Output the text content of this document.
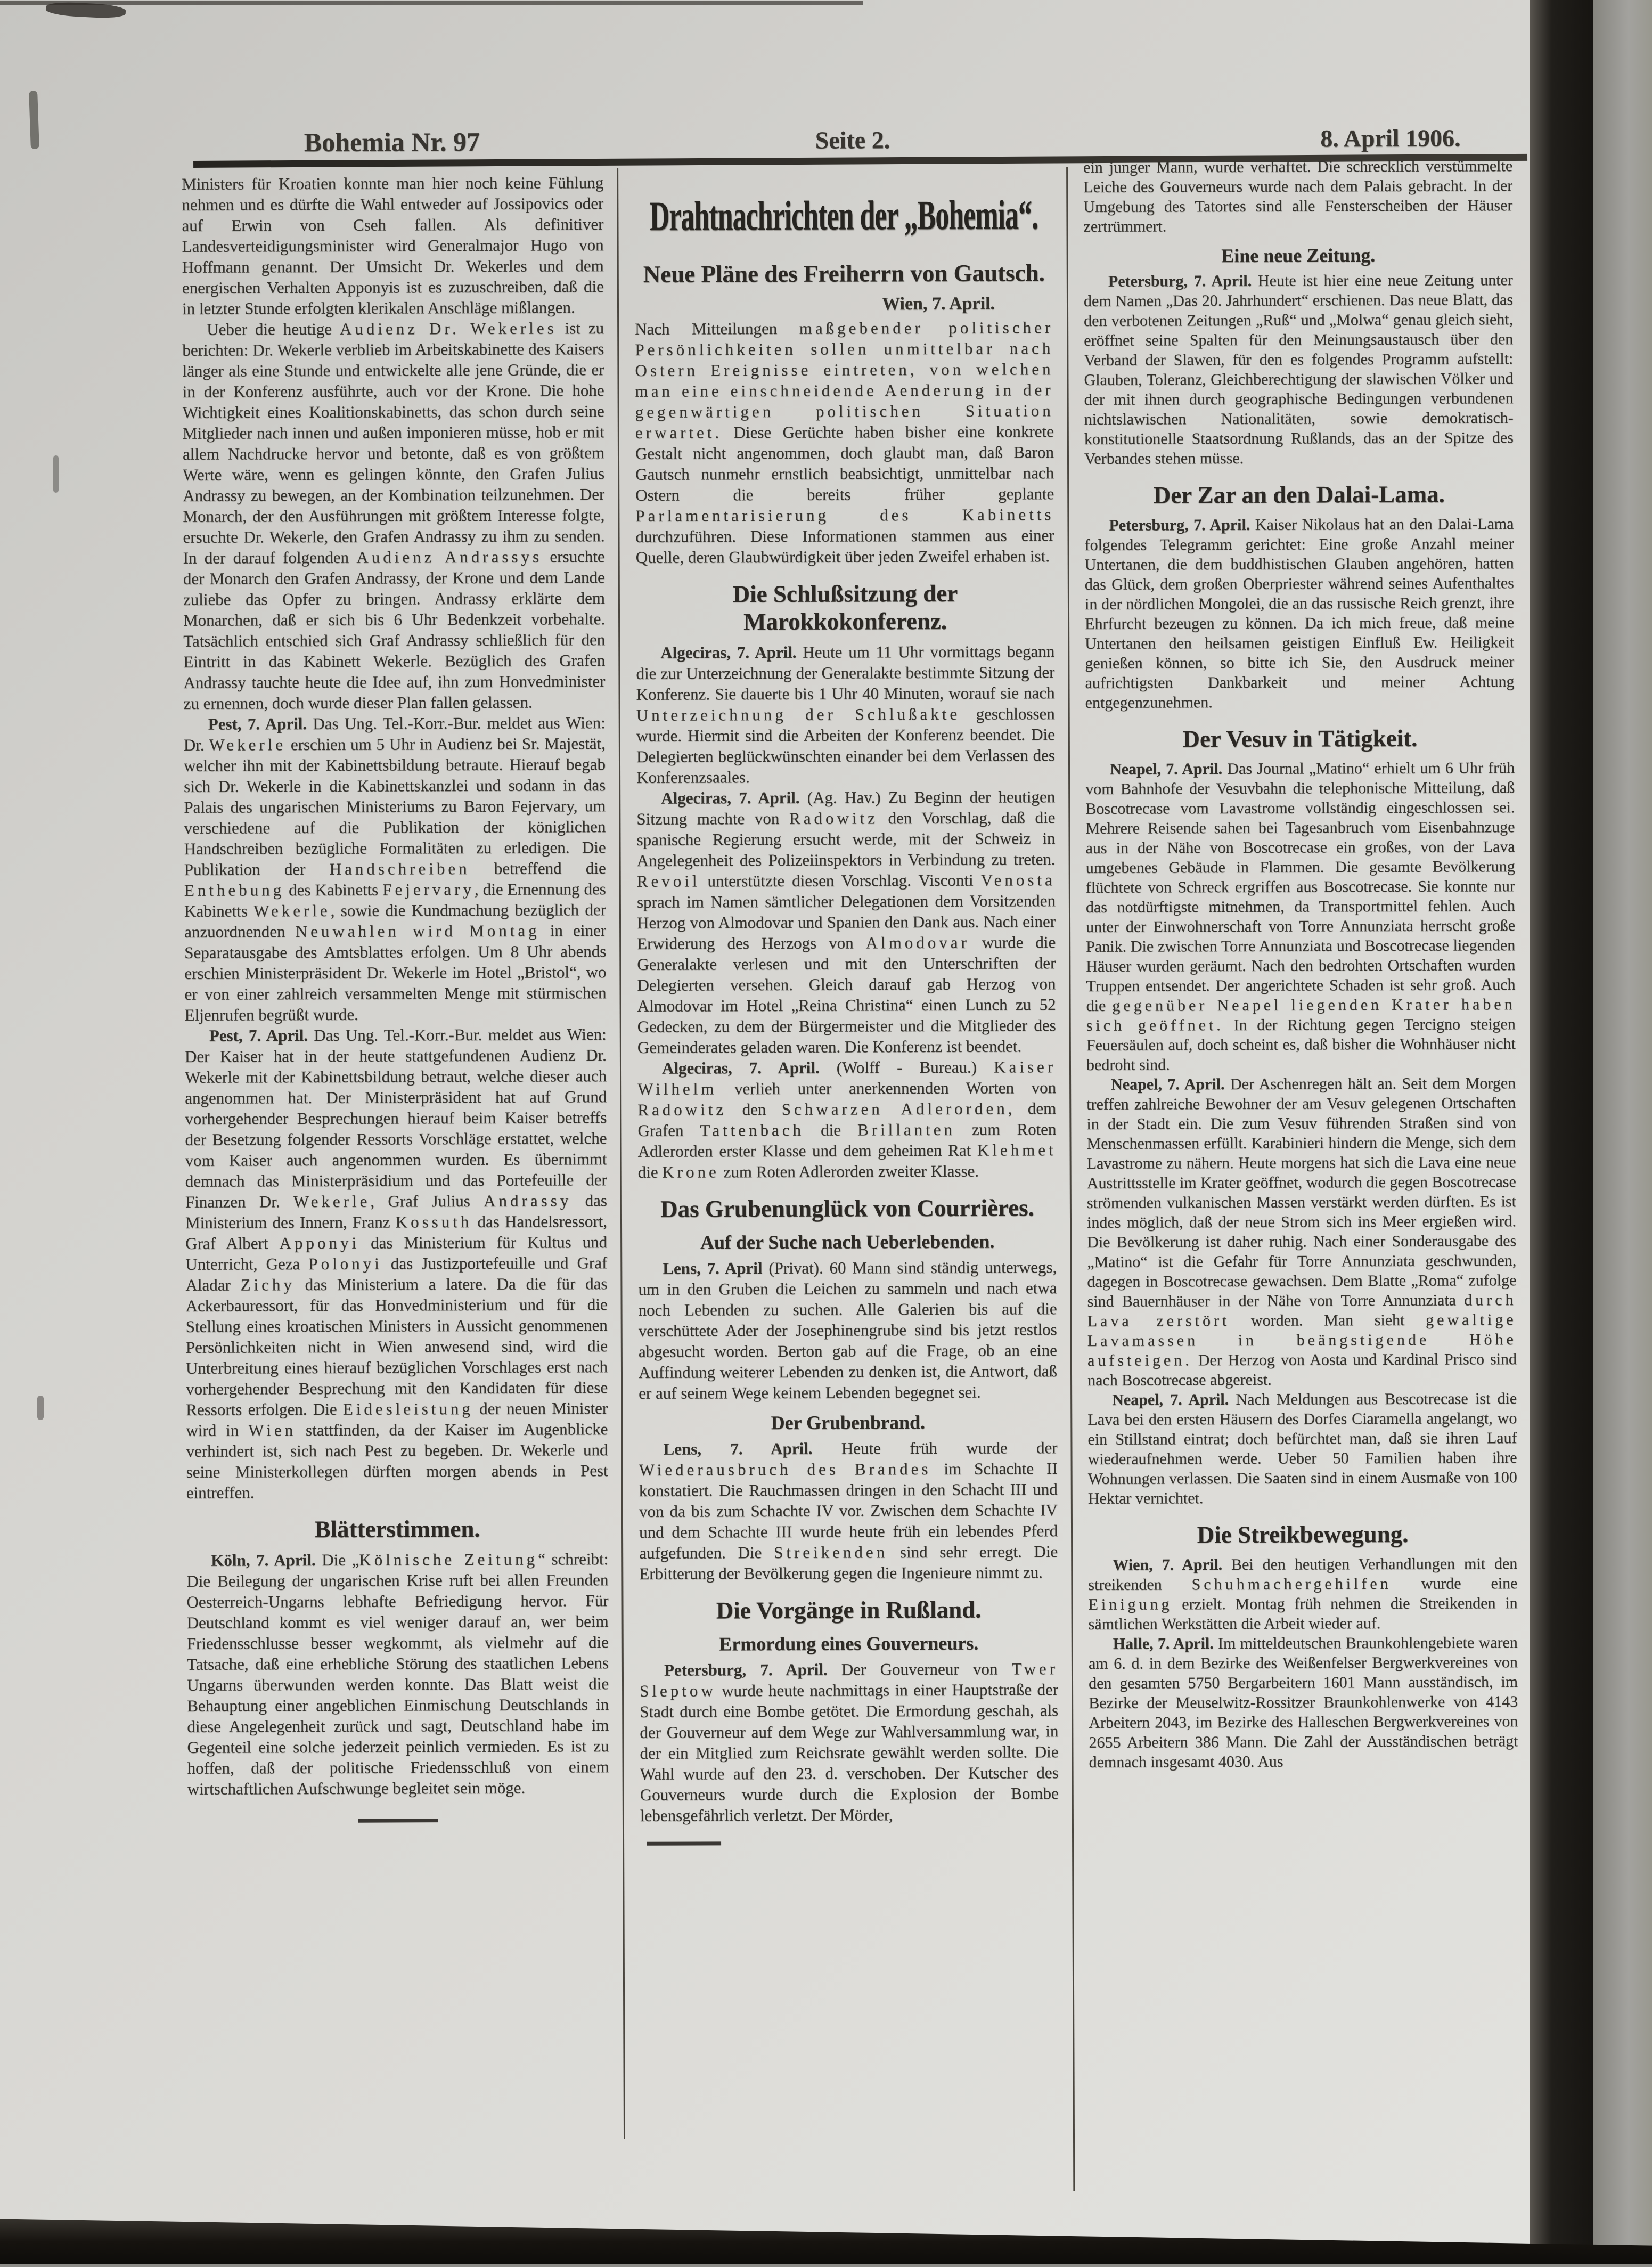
Bohemia Nr. 97	Seite 2.	8. April 1906.
Ministers für Kroatien konnte man hier noch keine Fühlung nehmen und es dürfte die Wahl entweder auf Jossipovics oder auf Erwin von Cseh fallen. Als definitiver Landesverteidigungsminister wird Generalmajor Hugo von Hoffmann genannt. Der Umsicht Dr. Wekerles und dem energischen Verhalten Apponyis ist es zuzuschreiben, daß die in letzter Stunde erfolgten klerikalen Anschläge mißlangen.
Ueber die heutige Audienz Dr. Wekerles ist zu berichten: Dr. Wekerle verblieb im Arbeitskabinette des Kaisers länger als eine Stunde und entwickelte alle jene Gründe, die er in der Konferenz ausführte, auch vor der Krone. Die hohe Wichtigkeit eines Koalitionskabinetts, das schon durch seine Mitglieder nach innen und außen imponieren müsse, hob er mit allem Nachdrucke hervor und betonte, daß es von größtem Werte wäre, wenn es gelingen könnte, den Grafen Julius Andrassy zu bewegen, an der Kombination teilzunehmen. Der Monarch, der den Ausführungen mit größtem Interesse folgte, ersuchte Dr. Wekerle, den Grafen Andrassy zu ihm zu senden. In der darauf folgenden Audienz Andrassys ersuchte der Monarch den Grafen Andrassy, der Krone und dem Lande zuliebe das Opfer zu bringen. Andrassy erklärte dem Monarchen, daß er sich bis 6 Uhr Bedenkzeit vorbehalte. Tatsächlich entschied sich Graf Andrassy schließlich für den Eintritt in das Kabinett Wekerle. Bezüglich des Grafen Andrassy tauchte heute die Idee auf, ihn zum Honvedminister zu ernennen, doch wurde dieser Plan fallen gelassen.
Pest, 7. April. Das Ung. Tel.-Korr.-Bur. meldet aus Wien: Dr. Wekerle erschien um 5 Uhr in Audienz bei Sr. Majestät, welcher ihn mit der Kabinettsbildung betraute. Hierauf begab sich Dr. Wekerle in die Kabinettskanzlei und sodann in das Palais des ungarischen Ministeriums zu Baron Fejervary, um verschiedene auf die Publikation der königlichen Handschreiben bezügliche Formalitäten zu erledigen. Die Publikation der Handschreiben betreffend die Enthebung des Kabinetts Fejervary, die Ernennung des Kabinetts Wekerle, sowie die Kundmachung bezüglich der anzuordnenden Neuwahlen wird Montag in einer Separatausgabe des Amtsblattes erfolgen. Um 8 Uhr abends erschien Ministerpräsident Dr. Wekerle im Hotel „Bristol“, wo er von einer zahlreich versammelten Menge mit stürmischen Eljenrufen begrüßt wurde.
Pest, 7. April. Das Ung. Tel.-Korr.-Bur. meldet aus Wien: Der Kaiser hat in der heute stattgefundenen Audienz Dr. Wekerle mit der Kabinettsbildung betraut, welche dieser auch angenommen hat. Der Ministerpräsident hat auf Grund vorhergehender Besprechungen hierauf beim Kaiser betreffs der Besetzung folgender Ressorts Vorschläge erstattet, welche vom Kaiser auch angenommen wurden. Es übernimmt demnach das Ministerpräsidium und das Portefeuille der Finanzen Dr. Wekerle, Graf Julius Andrassy das Ministerium des Innern, Franz Kossuth das Handelsressort, Graf Albert Apponyi das Ministerium für Kultus und Unterricht, Geza Polonyi das Justizportefeuille und Graf Aladar Zichy das Ministerium a latere. Da die für das Ackerbauressort, für das Honvedministerium und für die Stellung eines kroatischen Ministers in Aussicht genommenen Persönlichkeiten nicht in Wien anwesend sind, wird die Unterbreitung eines hierauf bezüglichen Vorschlages erst nach vorhergehender Besprechung mit den Kandidaten für diese Ressorts erfolgen. Die Eidesleistung der neuen Minister wird in Wien stattfinden, da der Kaiser im Augenblicke verhindert ist, sich nach Pest zu begeben. Dr. Wekerle und seine Ministerkollegen dürften morgen abends in Pest eintreffen.
Blätterstimmen.
Köln, 7. April. Die „Kölnische Zeitung“ schreibt: Die Beilegung der ungarischen Krise ruft bei allen Freunden Oesterreich-Ungarns lebhafte Befriedigung hervor. Für Deutschland kommt es viel weniger darauf an, wer beim Friedensschlusse besser wegkommt, als vielmehr auf die Tatsache, daß eine erhebliche Störung des staatlichen Lebens Ungarns überwunden werden konnte. Das Blatt weist die Behauptung einer angeblichen Einmischung Deutschlands in diese Angelegenheit zurück und sagt, Deutschland habe im Gegenteil eine solche jederzeit peinlich vermieden. Es ist zu hoffen, daß der politische Friedensschluß von einem wirtschaftlichen Aufschwunge begleitet sein möge.
Drahtnachrichten der „Bohemia“.
Neue Pläne des Freiherrn von Gautsch.
Wien, 7. April.
Nach Mitteilungen maßgebender politischer Persönlichkeiten sollen unmittelbar nach Ostern Ereignisse eintreten, von welchen man eine einschneidende Aenderung in der gegenwärtigen politischen Situation erwartet. Diese Gerüchte haben bisher eine konkrete Gestalt nicht angenommen, doch glaubt man, daß Baron Gautsch nunmehr ernstlich beabsichtigt, unmittelbar nach Ostern die bereits früher geplante Parlamentarisierung des Kabinetts durchzuführen. Diese Informationen stammen aus einer Quelle, deren Glaubwürdigkeit über jeden Zweifel erhaben ist.
Die Schlußsitzung der Marokkokonferenz.
Algeciras, 7. April. Heute um 11 Uhr vormittags begann die zur Unterzeichnung der Generalakte bestimmte Sitzung der Konferenz. Sie dauerte bis 1 Uhr 40 Minuten, worauf sie nach Unterzeichnung der Schlußakte geschlossen wurde. Hiermit sind die Arbeiten der Konferenz beendet. Die Delegierten beglückwünschten einander bei dem Verlassen des Konferenzsaales.
Algeciras, 7. April. (Ag. Hav.) Zu Beginn der heutigen Sitzung machte von Radowitz den Vorschlag, daß die spanische Regierung ersucht werde, mit der Schweiz in Angelegenheit des Polizeiinspektors in Verbindung zu treten. Revoil unterstützte diesen Vorschlag. Visconti Venosta sprach im Namen sämtlicher Delegationen dem Vorsitzenden Herzog von Almodovar und Spanien den Dank aus. Nach einer Erwiderung des Herzogs von Almodovar wurde die Generalakte verlesen und mit den Unterschriften der Delegierten versehen. Gleich darauf gab Herzog von Almodovar im Hotel „Reina Christina“ einen Lunch zu 52 Gedecken, zu dem der Bürgermeister und die Mitglieder des Gemeinderates geladen waren. Die Konferenz ist beendet.
Algeciras, 7. April. (Wolff - Bureau.) Kaiser Wilhelm verlieh unter anerkennenden Worten von Radowitz den Schwarzen Adlerorden, dem Grafen Tattenbach die Brillanten zum Roten Adlerorden erster Klasse und dem geheimen Rat Klehmet die Krone zum Roten Adlerorden zweiter Klasse.
Das Grubenunglück von Courrières.
Auf der Suche nach Ueberlebenden.
Lens, 7. April (Privat). 60 Mann sind ständig unterwegs, um in den Gruben die Leichen zu sammeln und nach etwa noch Lebenden zu suchen. Alle Galerien bis auf die verschüttete Ader der Josephinengrube sind bis jetzt restlos abgesucht worden. Berton gab auf die Frage, ob an eine Auffindung weiterer Lebenden zu denken ist, die Antwort, daß er auf seinem Wege keinem Lebenden begegnet sei.
Der Grubenbrand.
Lens, 7. April. Heute früh wurde der Wiederausbruch des Brandes im Schachte II konstatiert. Die Rauchmassen dringen in den Schacht III und von da bis zum Schachte IV vor. Zwischen dem Schachte IV und dem Schachte III wurde heute früh ein lebendes Pferd aufgefunden. Die Streikenden sind sehr erregt. Die Erbitterung der Bevölkerung gegen die Ingenieure nimmt zu.
Die Vorgänge in Rußland.
Ermordung eines Gouverneurs.
Petersburg, 7. April. Der Gouverneur von Twer Sleptow wurde heute nachmittags in einer Hauptstraße der Stadt durch eine Bombe getötet. Die Ermordung geschah, als der Gouverneur auf dem Wege zur Wahlversammlung war, in der ein Mitglied zum Reichsrate gewählt werden sollte. Die Wahl wurde auf den 23. d. verschoben. Der Kutscher des Gouverneurs wurde durch die Explosion der Bombe lebensgefährlich verletzt. Der Mörder,
ein junger Mann, wurde verhaftet. Die schrecklich verstümmelte Leiche des Gouverneurs wurde nach dem Palais gebracht. In der Umgebung des Tatortes sind alle Fensterscheiben der Häuser zertrümmert.
Eine neue Zeitung.
Petersburg, 7. April. Heute ist hier eine neue Zeitung unter dem Namen „Das 20. Jahrhundert“ erschienen. Das neue Blatt, das den verbotenen Zeitungen „Ruß“ und „Molwa“ genau gleich sieht, eröffnet seine Spalten für den Meinungsaustausch über den Verband der Slawen, für den es folgendes Programm aufstellt: Glauben, Toleranz, Gleichberechtigung der slawischen Völker und der mit ihnen durch geographische Bedingungen verbundenen nichtslawischen Nationalitäten, sowie demokratisch-konstitutionelle Staatsordnung Rußlands, das an der Spitze des Verbandes stehen müsse.
Der Zar an den Dalai-Lama.
Petersburg, 7. April. Kaiser Nikolaus hat an den Dalai-Lama folgendes Telegramm gerichtet: Eine große Anzahl meiner Untertanen, die dem buddhistischen Glauben angehören, hatten das Glück, dem großen Oberpriester während seines Aufenthaltes in der nördlichen Mongolei, die an das russische Reich grenzt, ihre Ehrfurcht bezeugen zu können. Da ich mich freue, daß meine Untertanen den heilsamen geistigen Einfluß Ew. Heiligkeit genießen können, so bitte ich Sie, den Ausdruck meiner aufrichtigsten Dankbarkeit und meiner Achtung entgegenzunehmen.
Der Vesuv in Tätigkeit.
Neapel, 7. April. Das Journal „Matino“ erhielt um 6 Uhr früh vom Bahnhofe der Vesuvbahn die telephonische Mitteilung, daß Boscotrecase vom Lavastrome vollständig eingeschlossen sei. Mehrere Reisende sahen bei Tagesanbruch vom Eisenbahnzuge aus in der Nähe von Boscotrecase ein großes, von der Lava umgebenes Gebäude in Flammen. Die gesamte Bevölkerung flüchtete von Schreck ergriffen aus Boscotrecase. Sie konnte nur das notdürftigste mitnehmen, da Transportmittel fehlen. Auch unter der Einwohnerschaft von Torre Annunziata herrscht große Panik. Die zwischen Torre Annunziata und Boscotrecase liegenden Häuser wurden geräumt. Nach den bedrohten Ortschaften wurden Truppen entsendet. Der angerichtete Schaden ist sehr groß. Auch die gegenüber Neapel liegenden Krater haben sich geöffnet. In der Richtung gegen Tercigno steigen Feuersäulen auf, doch scheint es, daß bisher die Wohnhäuser nicht bedroht sind.
Neapel, 7. April. Der Aschenregen hält an. Seit dem Morgen treffen zahlreiche Bewohner der am Vesuv gelegenen Ortschaften in der Stadt ein. Die zum Vesuv führenden Straßen sind von Menschenmassen erfüllt. Karabinieri hindern die Menge, sich dem Lavastrome zu nähern. Heute morgens hat sich die Lava eine neue Austrittsstelle im Krater geöffnet, wodurch die gegen Boscotrecase strömenden vulkanischen Massen verstärkt werden dürften. Es ist indes möglich, daß der neue Strom sich ins Meer ergießen wird. Die Bevölkerung ist daher ruhig. Nach einer Sonderausgabe des „Matino“ ist die Gefahr für Torre Annunziata geschwunden, dagegen in Boscotrecase gewachsen. Dem Blatte „Roma“ zufolge sind Bauernhäuser in der Nähe von Torre Annunziata durch Lava zerstört worden. Man sieht gewaltige Lavamassen in beängstigende Höhe aufsteigen. Der Herzog von Aosta und Kardinal Prisco sind nach Boscotrecase abgereist.
Neapel, 7. April. Nach Meldungen aus Bescotrecase ist die Lava bei den ersten Häusern des Dorfes Ciaramella angelangt, wo ein Stillstand eintrat; doch befürchtet man, daß sie ihren Lauf wiederaufnehmen werde. Ueber 50 Familien haben ihre Wohnungen verlassen. Die Saaten sind in einem Ausmaße von 100 Hektar vernichtet.
Die Streikbewegung.
Wien, 7. April. Bei den heutigen Verhandlungen mit den streikenden Schuhmachergehilfen wurde eine Einigung erzielt. Montag früh nehmen die Streikenden in sämtlichen Werkstätten die Arbeit wieder auf.
Halle, 7. April. Im mitteldeutschen Braunkohlengebiete waren am 6. d. in dem Bezirke des Weißenfelser Bergwerkvereines von den gesamten 5750 Bergarbeitern 1601 Mann ausständisch, im Bezirke der Meuselwitz-Rossitzer Braunkohlenwerke von 4143 Arbeitern 2043, im Bezirke des Halleschen Bergwerkvereines von 2655 Arbeitern 386 Mann. Die Zahl der Ausständischen beträgt demnach insgesamt 4030. Aus
